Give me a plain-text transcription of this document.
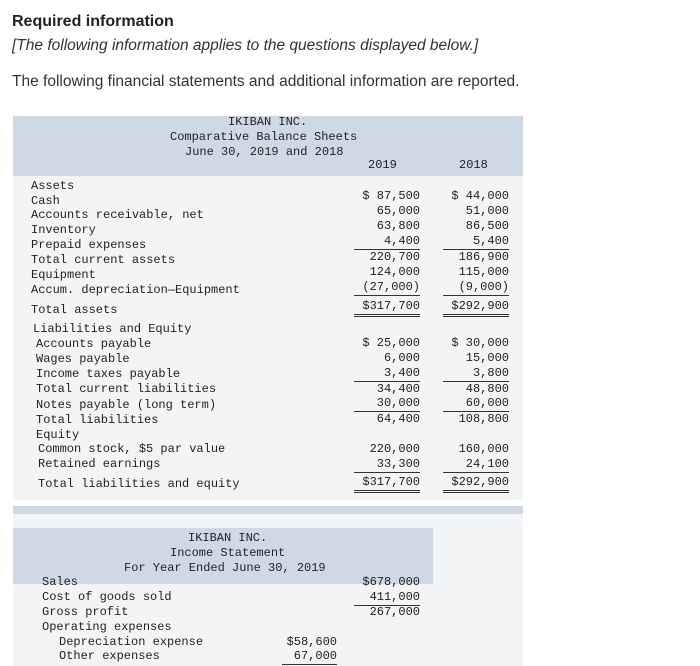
Required information
[The following information applies to the questions displayed below.]
The following financial statements and additional information are reported.
IKIBAN INC.
Comparative Balance Sheets
June 30, 2019 and 2018
2019	2018
Assets
Cash
Accounts receivable, net
Inventory
Prepaid expenses
Total current assets
Equipment
Accum. depreciation—Equipment
Total assets
Liabilities and Equity
Accounts payable
Wages payable
Income taxes payable
Total current liabilities
Notes payable (long term)
Total liabilities
Equity
Common stock, $5 par value
Retained earnings
Total liabilities and equity
$ 87,500
65,000
63,800
4,400
220,700
124,000
(27,000)
$317,700
$ 25,000
6,000
3,400
34,400
30,000
64,400
220,000
33,300
$317,700
$ 44,000
51,000
86,500
5,400
186,900
115,000
(9,000)
$292,900
$ 30,000
15,000
3,800
48,800
60,000
108,800
160,000
24,100
$292,900
IKIBAN INC.
Income Statement
For Year Ended June 30, 2019
Sales
Cost of goods sold
Gross profit
Operating expenses
Depreciation expense
Other expenses
$678,000
411,000
267,000
$58,600
67,000
